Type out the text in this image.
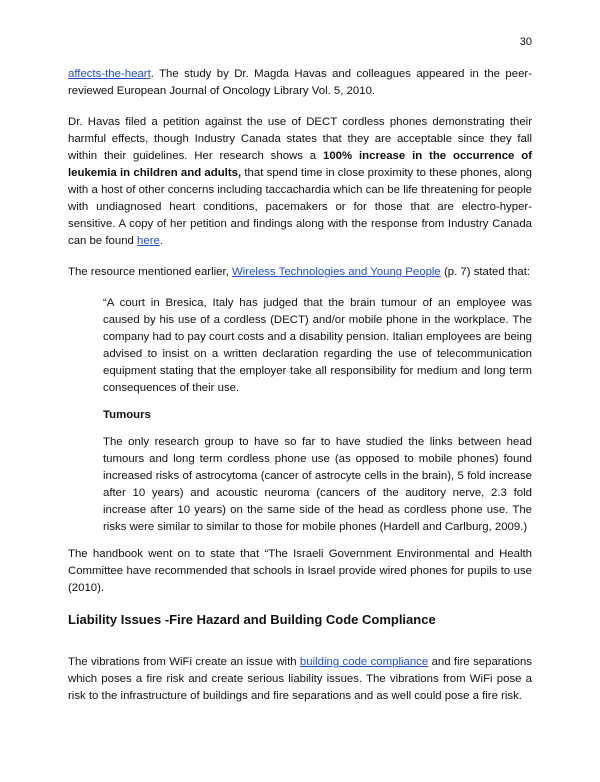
30

affects-the-heart. The study by Dr. Magda Havas and colleagues appeared in the peer-reviewed European Journal of Oncology Library Vol. 5, 2010.

Dr. Havas filed a petition against the use of DECT cordless phones demonstrating their harmful effects, though Industry Canada states that they are acceptable since they fall within their guidelines. Her research shows a 100% increase in the occurrence of leukemia in children and adults, that spend time in close proximity to these phones, along with a host of other concerns including taccachardia which can be life threatening for people with undiagnosed heart conditions, pacemakers or for those that are electro-hyper-sensitive. A copy of her petition and findings along with the response from Industry Canada can be found here.

The resource mentioned earlier, Wireless Technologies and Young People (p. 7) stated that:

“A court in Bresica, Italy has judged that the brain tumour of an employee was caused by his use of a cordless (DECT) and/or mobile phone in the workplace. The company had to pay court costs and a disability pension. Italian employees are being advised to insist on a written declaration regarding the use of telecommunication equipment stating that the employer take all responsibility for medium and long term consequences of their use.

Tumours

The only research group to have so far to have studied the links between head tumours and long term cordless phone use (as opposed to mobile phones) found increased risks of astrocytoma (cancer of astrocyte cells in the brain), 5 fold increase after 10 years) and acoustic neuroma (cancers of the auditory nerve, 2.3 fold increase after 10 years) on the same side of the head as cordless phone use. The risks were similar to similar to those for mobile phones (Hardell and Carlburg, 2009.)

The handbook went on to state that “The Israeli Government Environmental and Health Committee have recommended that schools in Israel provide wired phones for pupils to use (2010).

Liability Issues -Fire Hazard and Building Code Compliance

The vibrations from WiFi create an issue with building code compliance and fire separations which poses a fire risk and create serious liability issues. The vibrations from WiFi pose a risk to the infrastructure of buildings and fire separations and as well could pose a fire risk.
